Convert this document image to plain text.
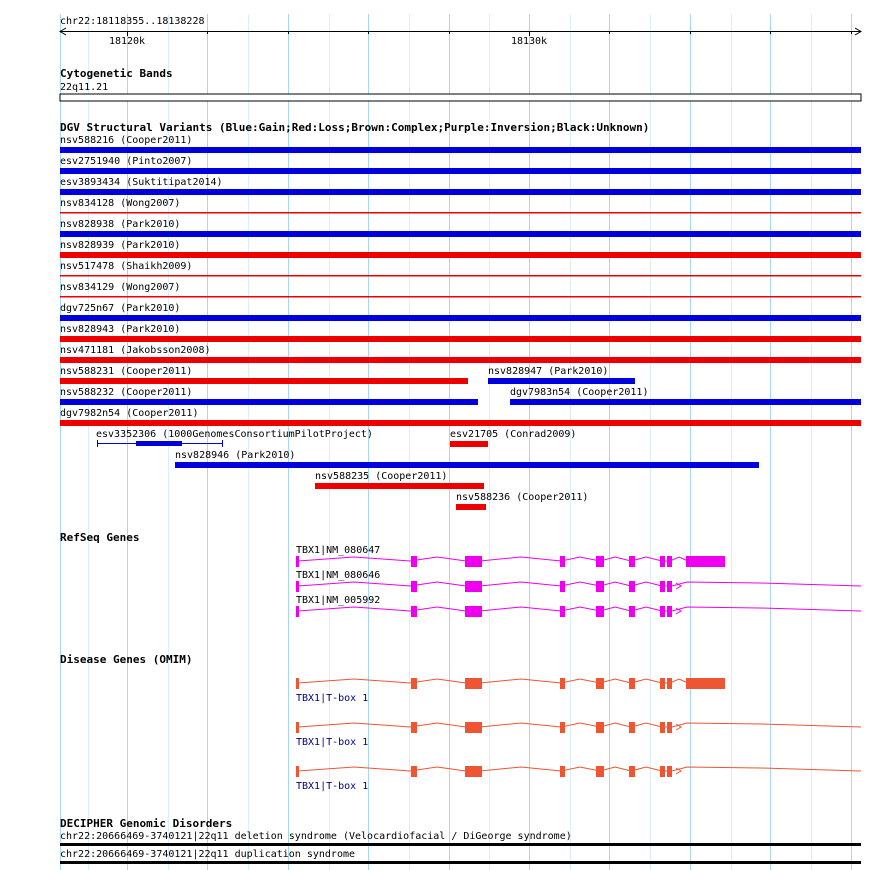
chr22:18118355..18138228
18120k	18130k
Cytogenetic Bands
22q11.21
DGV Structural Variants (Blue:Gain;Red:Loss;Brown:Complex;Purple:Inversion;Black:Unknown)
nsv588216 (Cooper2011)
esv2751940 (Pinto2007)
esv3893434 (Suktitipat2014)
nsv834128 (Wong2007)
nsv828938 (Park2010)
nsv828939 (Park2010)
nsv517478 (Shaikh2009)
nsv834129 (Wong2007)
dgv725n67 (Park2010)
nsv828943 (Park2010)
nsv471181 (Jakobsson2008)
nsv588231 (Cooper2011)	nsv828947 (Park2010)
nsv588232 (Cooper2011)	dgv7983n54 (Cooper2011)
dgv7982n54 (Cooper2011)
esv3352306 (1000GenomesConsortiumPilotProject)	esv21705 (Conrad2009)
nsv828946 (Park2010)
nsv588235 (Cooper2011)
nsv588236 (Cooper2011)
RefSeq Genes
TBX1|NM_080647
TBX1|NM_080646
TBX1|NM_005992
Disease Genes (OMIM)
TBX1|T-box 1
TBX1|T-box 1
TBX1|T-box 1
DECIPHER Genomic Disorders
chr22:20666469-3740121|22q11 deletion syndrome (Velocardiofacial / DiGeorge syndrome)
chr22:20666469-3740121|22q11 duplication syndrome
